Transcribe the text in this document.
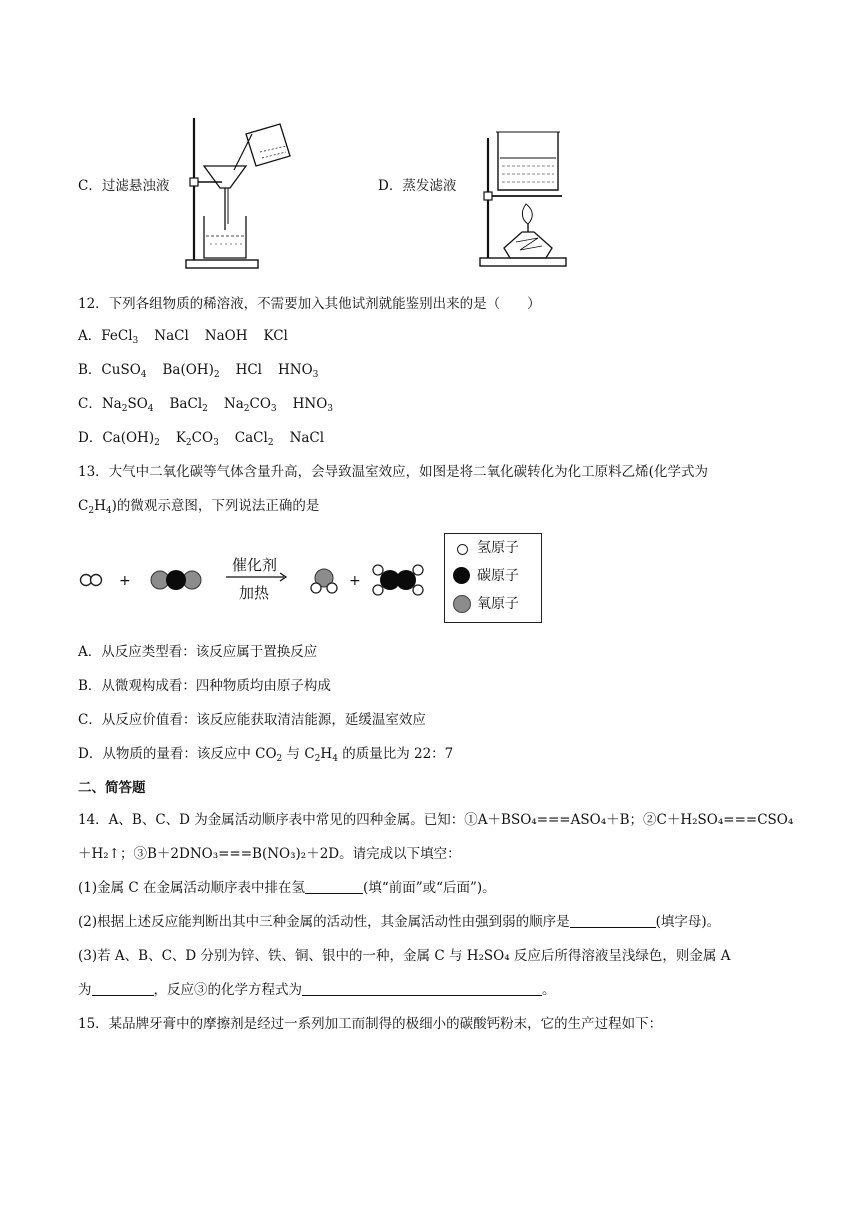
C．过滤悬浊液	D．蒸发滤液
12．下列各组物质的稀溶液，不需要加入其他试剂就能鉴别出来的是（　　）
A．FeCl$_3$ NaCl NaOH KCl
B．CuSO$_4$ $Ba(OH)_2$ HCl $HNO_3$
C．$Na_2SO_4$ BaCl$_2$ $Na_2CO_3$ $HNO_3$
D．$Ca(OH)_2$ $K_2CO_3$ CaCl$_2$ NaCl
13．大气中二氧化碳等气体含量升高，会导致温室效应，如图是将二氧化碳转化为化工原料乙烯(化学式为
$C_2H_4$)的微观示意图，下列说法正确的是
+
催化剂
加热
+
氢原子
碳原子
氧原子
A．从反应类型看：该反应属于置换反应
B．从微观构成看：四种物质均由原子构成
C．从反应价值看：该反应能获取清洁能源，延缓温室效应
D．从物质的量看：该反应中 $CO_2$ 与 $C_2H_4$ 的质量比为 22：7
二、简答题
14．A、B、C、D 为金属活动顺序表中常见的四种金属。已知：①A＋BSO₄===ASO₄＋B；②C＋H₂SO₄===CSO₄
＋H₂↑；③B＋2DNO₃===B(NO₃)₂＋2D。请完成以下填空：
(1)金属 C 在金属活动顺序表中排在氢	(填“前面”或“后面”)。
(2)根据上述反应能判断出其中三种金属的活动性，其金属活动性由强到弱的顺序是	(填字母)。
(3)若 A、B、C、D 分别为锌、铁、铜、银中的一种，金属 C 与 H₂SO₄ 反应后所得溶液呈浅绿色，则金属 A
为	，反应③的化学方程式为	。
15．某品牌牙膏中的摩擦剂是经过一系列加工而制得的极细小的碳酸钙粉末，它的生产过程如下：
